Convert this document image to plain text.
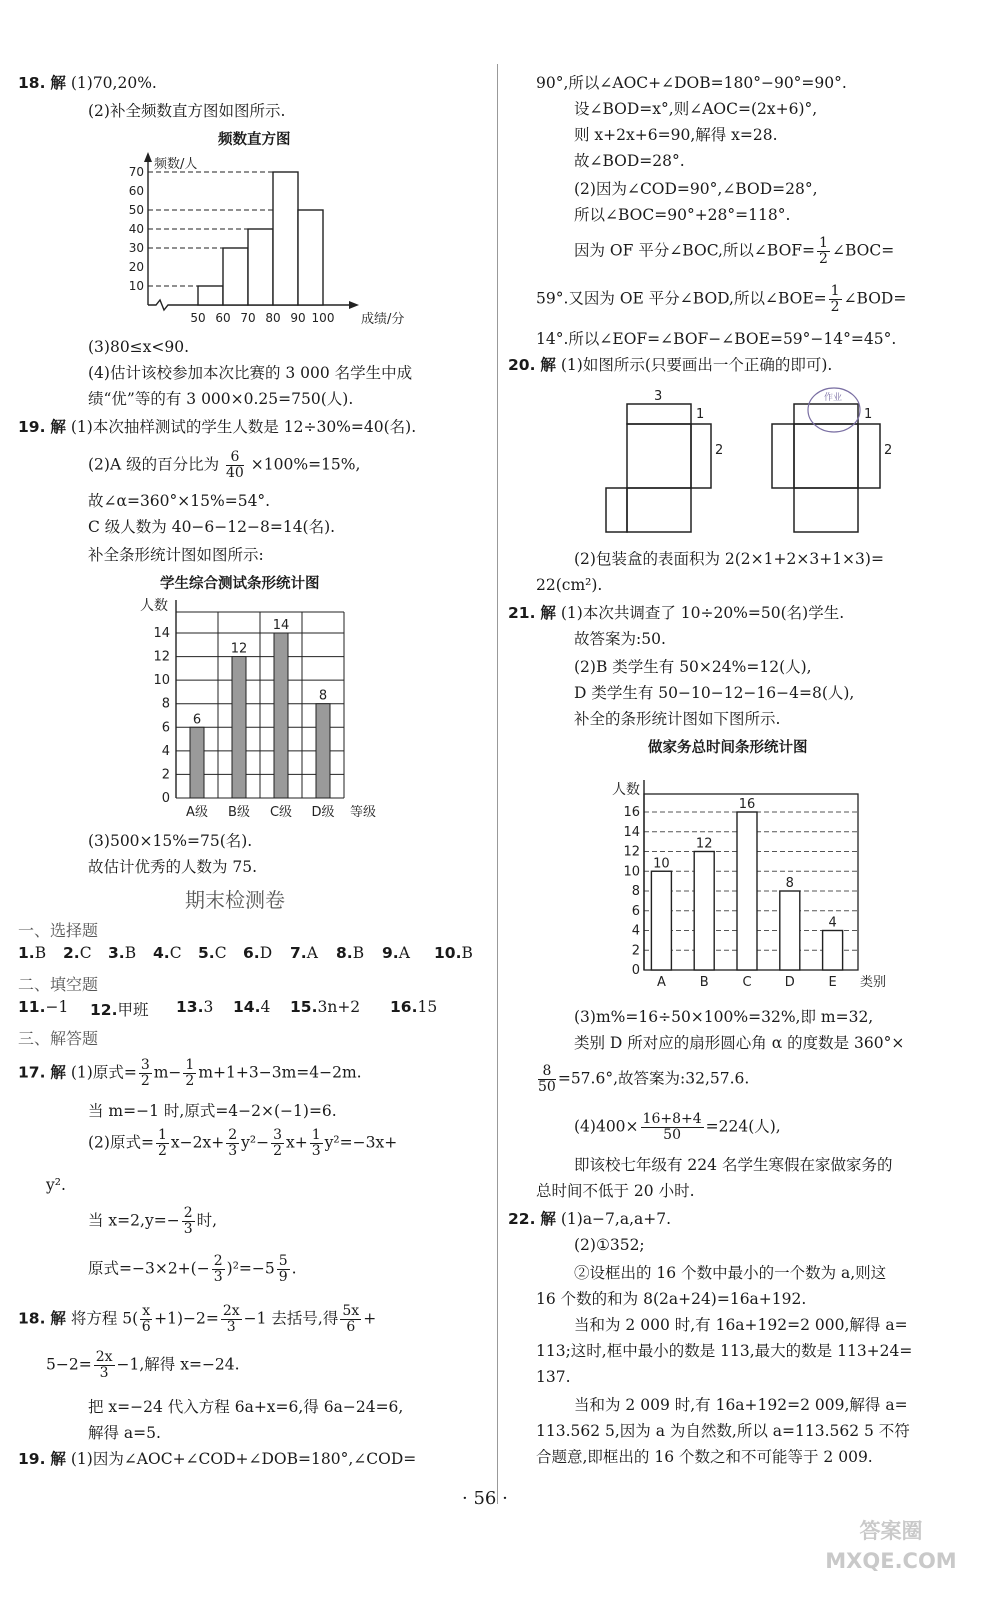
18. 解 (1)70,20%.
(2)补全频数直方图如图所示.
频数直方图
10
20
30
40
50
60
70
50 60 70 80 90 100 成绩/分
频数/人
(3)80≤x<90.
(4)估计该校参加本次比赛的 3 000 名学生中成
绩“优”等的有 3 000×0.25=750(人).
19. 解 (1)本次抽样测试的学生人数是 12÷30%=40(名).
(2)A 级的百分比为 $\frac{6}{40} \times 100\%=15\%$,
故∠α=360°×15%=54°.
C 级人数为 40−6−12−8=14(名).
补全条形统计图如图所示:
学生综合测试条形统计图
0
2
4
6
8
10
12
14
6
A级
12
B级
14
C级
8
D级 等级
人数
(3)500×15%=75(名).
故估计优秀的人数为 75.
期末检测卷
一、选择题
1.B 2.C 3.B 4.C 5.C 6.D 7.A 8.B 9.A 10.B
二、填空题
11.−1 12.甲班 13.3 14.4 15.3n+2 16.15
三、解答题
17. 解 (1)原式= $\frac{3}{2} m- \frac{1}{2} m+1+3-3m=4-2m$.
当 m=−1 时,原式=4−2×(−1)=6.
(2)原式= $\frac{1}{2} x-2x+ \frac{2}{3} y^2- \frac{3}{2} x+ \frac{1}{3} y^2=-3x+$
y².
当 $x=2,y=- \frac{2}{3}$ 时,
原式$=-3\times 2+(- \frac{2}{3} )^2=-5 \frac{5}{9}$ .
18. 解 将方程 $5( \frac{x}{6} +1)-2= \frac{2x}{3} -1$ 去括号,得 $\frac{5x}{6}$ +
$5-2= \frac{2x}{3} -1$,解得 x=−24.
把 x=−24 代入方程 6a+x=6,得 6a−24=6,
解得 a=5.
19. 解 (1)因为∠AOC+∠COD+∠DOB=180°,∠COD=
90°,所以∠AOC+∠DOB=180°−90°=90°.
设∠BOD=x°,则∠AOC=(2x+6)°,
则 x+2x+6=90,解得 x=28.
故∠BOD=28°.
(2)因为∠COD=90°,∠BOD=28°,
所以∠BOC=90°+28°=118°.
因为 OF 平分∠BOC,所以∠BOF= $\frac{1}{2}$ ∠BOC=
59°.又因为 OE 平分∠BOD,所以∠BOE= $\frac{1}{2}$ ∠BOD=
14°.所以∠EOF=∠BOF−∠BOE=59°−14°=45°.
20. 解 (1)如图所示(只要画出一个正确的即可).
3
1
2
1
2
作业
(2)包装盒的表面积为 2(2×1+2×3+1×3)=
22(cm²).
21. 解 (1)本次共调查了 10÷20%=50(名)学生.
故答案为:50.
(2)B 类学生有 50×24%=12(人),
D 类学生有 50−10−12−16−4=8(人),
补全的条形统计图如下图所示.
做家务总时间条形统计图
0
2
4
6
8
10
12
14
16
10
A
12
B
16
C
8
D
4
E 类别
人数
(3)m%=16÷50×100%=32%,即 m=32,
类别 D 所对应的扇形圆心角 α 的度数是 360°×
$\frac{8}{50} =57.6^\circ$,故答案为:32,57.6.
$(4)400\times \frac{16+8+4}{50} =224$(人),
即该校七年级有 224 名学生寒假在家做家务的
总时间不低于 20 小时.
22. 解 (1)a−7,a,a+7.
(2)①352;
②设框出的 16 个数中最小的一个数为 a,则这
16 个数的和为 8(2a+24)=16a+192.
当和为 2 000 时,有 16a+192=2 000,解得 a=
113;这时,框中最小的数是 113,最大的数是 113+24=
137.
当和为 2 009 时,有 16a+192=2 009,解得 a=
113.562 5,因为 a 为自然数,所以 a=113.562 5 不符
合题意,即框出的 16 个数之和不可能等于 2 009.
· 56 ·
答案圈 MXQE.COM
